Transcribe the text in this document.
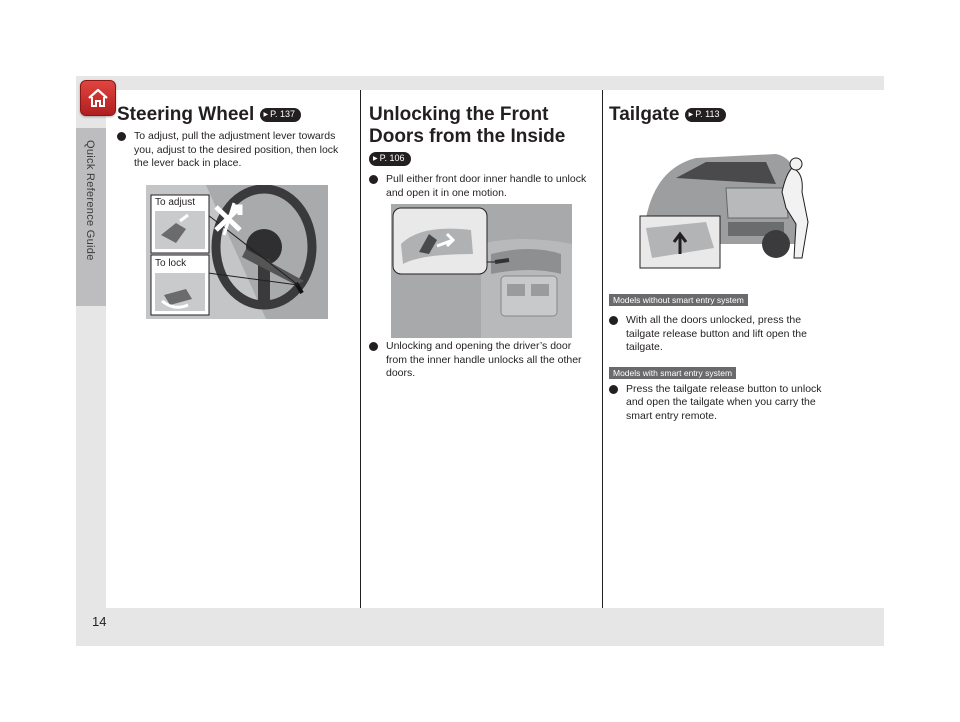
Quick Reference Guide
14
Steering Wheel ▶ P. 137
To adjust, pull the adjustment lever towards you, adjust to the desired position, then lock the lever back in place.
To adjust
To lock
Unlocking the Front Doors from the Inside
▶ P. 106
Pull either front door inner handle to unlock and open it in one motion.
Unlocking and opening the driver’s door from the inner handle unlocks all the other doors.
Tailgate ▶ P. 113
Models without smart entry system
With all the doors unlocked, press the tailgate release button and lift open the tailgate.
Models with smart entry system
Press the tailgate release button to unlock and open the tailgate when you carry the smart entry remote.
